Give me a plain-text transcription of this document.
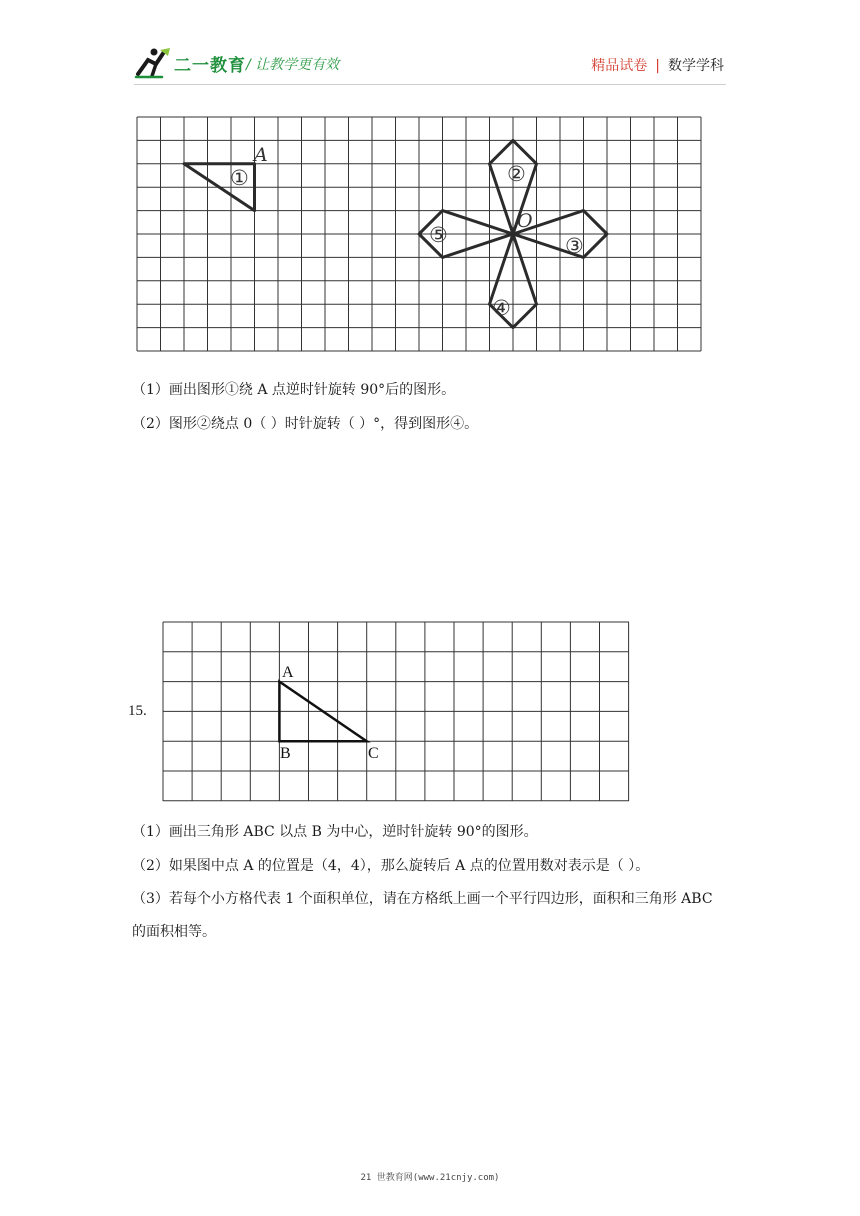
二一教育 / 让教学更有效	精品试卷 | 数学学科
A
O
①	②
③
④
⑤
（1）画出图形①绕 A 点逆时针旋转 90°后的图形。
（2）图形②绕点 0（ ）时针旋转（ ）°，得到图形④。
15.
A
B	C
（1）画出三角形 ABC 以点 B 为中心，逆时针旋转 90°的图形。
（2）如果图中点 A 的位置是（4，4），那么旋转后 A 点的位置用数对表示是（ ）。
（3）若每个小方格代表 1 个面积单位，请在方格纸上画一个平行四边形，面积和三角形 ABC
的面积相等。
21 世教育网(www.21cnjy.com)
